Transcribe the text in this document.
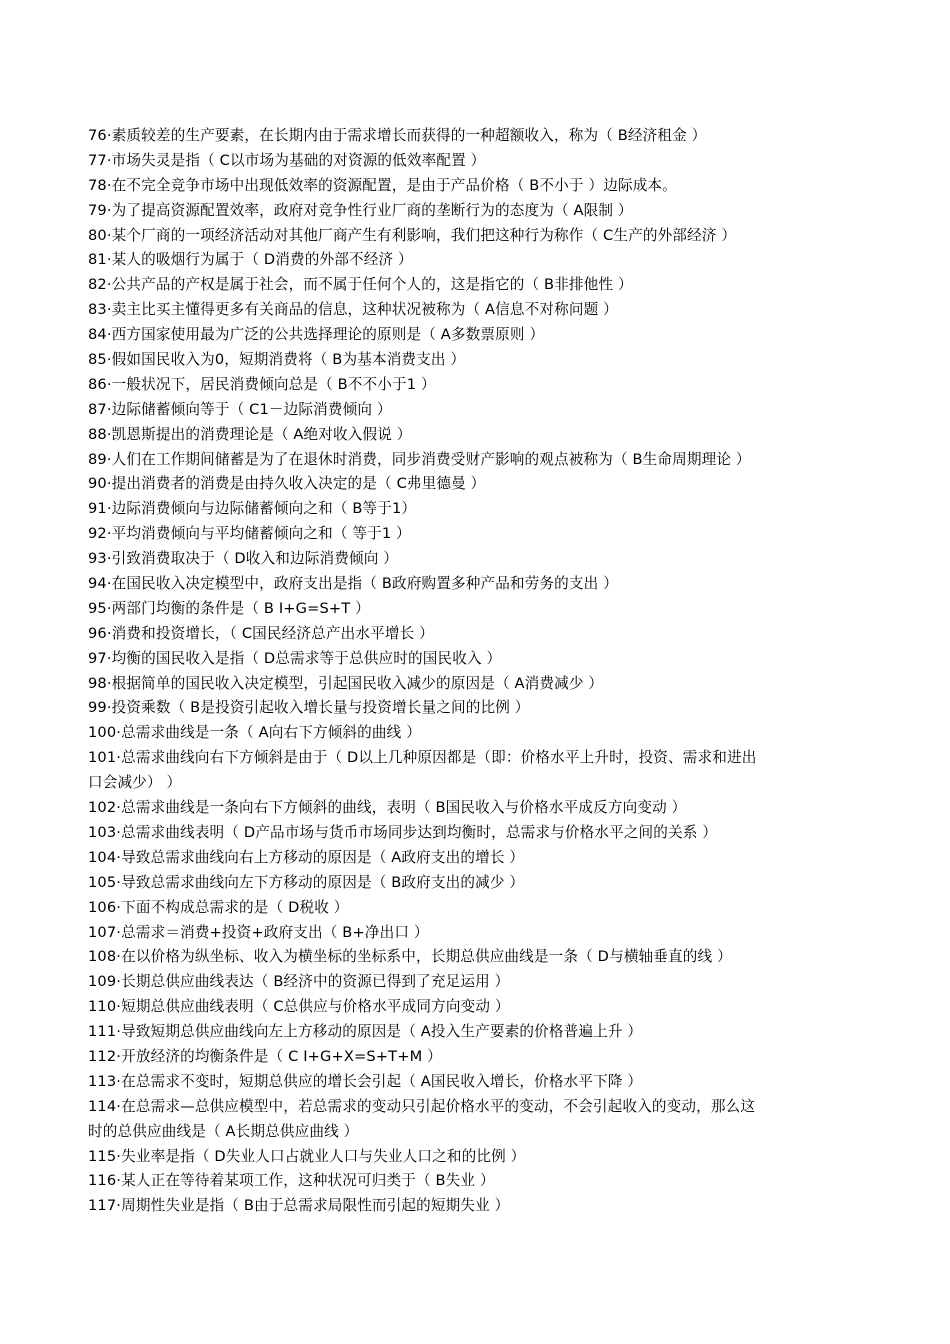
76·素质较差的生产要素，在长期内由于需求增长而获得的一种超额收入，称为（ B经济租金 ）
77·市场失灵是指（ C以市场为基础的对资源的低效率配置 ）
78·在不完全竞争市场中出现低效率的资源配置，是由于产品价格（ B不小于 ）边际成本。
79·为了提高资源配置效率，政府对竞争性行业厂商的垄断行为的态度为（ A限制 ）
80·某个厂商的一项经济活动对其他厂商产生有利影响，我们把这种行为称作（ C生产的外部经济 ）
81·某人的吸烟行为属于（ D消费的外部不经济 ）
82·公共产品的产权是属于社会，而不属于任何个人的，这是指它的（ B非排他性 ）
83·卖主比买主懂得更多有关商品的信息，这种状况被称为（ A信息不对称问题 ）
84·西方国家使用最为广泛的公共选择理论的原则是（ A多数票原则 ）
85·假如国民收入为0，短期消费将（ B为基本消费支出 ）
86·一般状况下，居民消费倾向总是（ B不不小于1 ）
87·边际储蓄倾向等于（ C1－边际消费倾向 ）
88·凯恩斯提出的消费理论是（ A绝对收入假说 ）
89·人们在工作期间储蓄是为了在退休时消费，同步消费受财产影响的观点被称为（ B生命周期理论 ）
90·提出消费者的消费是由持久收入决定的是（ C弗里德曼 ）
91·边际消费倾向与边际储蓄倾向之和（ B等于1）
92·平均消费倾向与平均储蓄倾向之和（ 等于1 ）
93·引致消费取决于（ D收入和边际消费倾向 ）
94·在国民收入决定模型中，政府支出是指（ B政府购置多种产品和劳务的支出 ）
95·两部门均衡的条件是（ B I+G=S+T ）
96·消费和投资增长，（ C国民经济总产出水平增长 ）
97·均衡的国民收入是指（ D总需求等于总供应时的国民收入 ）
98·根据简单的国民收入决定模型，引起国民收入减少的原因是（ A消费减少 ）
99·投资乘数（ B是投资引起收入增长量与投资增长量之间的比例 ）
100·总需求曲线是一条（ A向右下方倾斜的曲线 ）
101·总需求曲线向右下方倾斜是由于（ D以上几种原因都是（即：价格水平上升时，投资、需求和进出
口会减少） ）
102·总需求曲线是一条向右下方倾斜的曲线，表明（ B国民收入与价格水平成反方向变动 ）
103·总需求曲线表明（ D产品市场与货币市场同步达到均衡时，总需求与价格水平之间的关系 ）
104·导致总需求曲线向右上方移动的原因是（ A政府支出的增长 ）
105·导致总需求曲线向左下方移动的原因是（ B政府支出的减少 ）
106·下面不构成总需求的是（ D税收 ）
107·总需求＝消费+投资+政府支出（ B+净出口 ）
108·在以价格为纵坐标、收入为横坐标的坐标系中，长期总供应曲线是一条（ D与横轴垂直的线 ）
109·长期总供应曲线表达（ B经济中的资源已得到了充足运用 ）
110·短期总供应曲线表明（ C总供应与价格水平成同方向变动 ）
111·导致短期总供应曲线向左上方移动的原因是（ A投入生产要素的价格普遍上升 ）
112·开放经济的均衡条件是（ C I+G+X=S+T+M ）
113·在总需求不变时，短期总供应的增长会引起（ A国民收入增长，价格水平下降 ）
114·在总需求—总供应模型中，若总需求的变动只引起价格水平的变动，不会引起收入的变动，那么这
时的总供应曲线是（ A长期总供应曲线 ）
115·失业率是指（ D失业人口占就业人口与失业人口之和的比例 ）
116·某人正在等待着某项工作，这种状况可归类于（ B失业 ）
117·周期性失业是指（ B由于总需求局限性而引起的短期失业 ）
